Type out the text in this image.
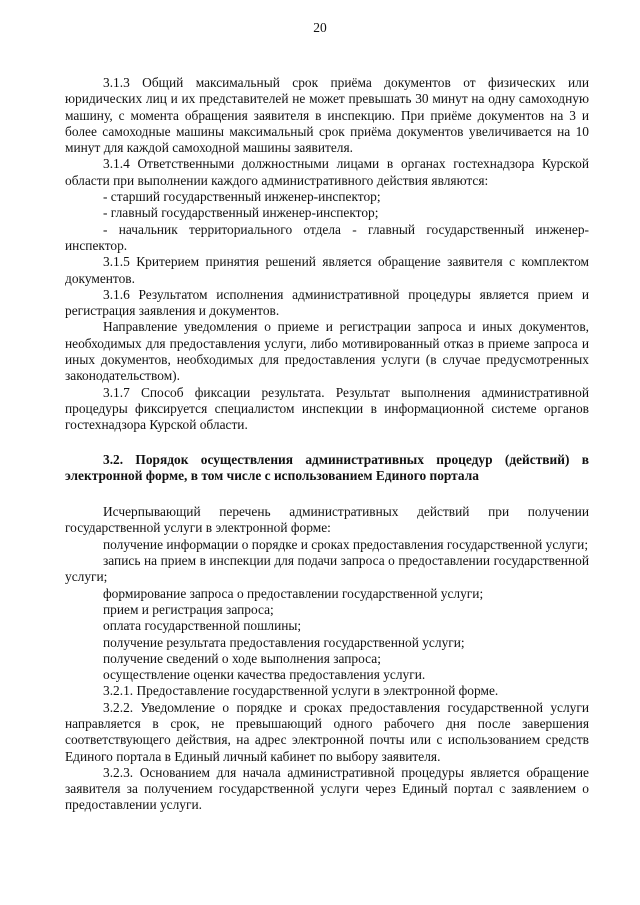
20

3.1.3 Общий максимальный срок приёма документов от физических или юридических лиц и их представителей не может превышать 30 минут на одну самоходную машину, с момента обращения заявителя в инспекцию. При приёме документов на 3 и более самоходные машины максимальный срок приёма документов увеличивается на 10 минут для каждой самоходной машины заявителя.

3.1.4 Ответственными должностными лицами в органах гостехнадзора Курской области при выполнении каждого административного действия являются:

- старший государственный инженер-инспектор;

- главный государственный инженер-инспектор;

- начальник территориального отдела - главный государственный инженер-инспектор.

3.1.5 Критерием принятия решений является обращение заявителя с комплектом документов.

3.1.6 Результатом исполнения административной процедуры является прием и регистрация заявления и документов.

Направление уведомления о приеме и регистрации запроса и иных документов, необходимых для предоставления услуги, либо мотивированный отказ в приеме запроса и иных документов, необходимых для предоставления услуги (в случае предусмотренных законодательством).

3.1.7 Способ фиксации результата. Результат выполнения административной процедуры фиксируется специалистом инспекции в информационной системе органов гостехнадзора Курской области.

3.2. Порядок осуществления административных процедур (действий) в электронной форме, в том числе с использованием Единого портала

Исчерпывающий перечень административных действий при получении государственной услуги в электронной форме:

получение информации о порядке и сроках предоставления государственной услуги;

запись на прием в инспекции для подачи запроса о предоставлении государственной услуги;

формирование запроса о предоставлении государственной услуги;

прием и регистрация запроса;

оплата государственной пошлины;

получение результата предоставления государственной услуги;

получение сведений о ходе выполнения запроса;

осуществление оценки качества предоставления услуги.

3.2.1. Предоставление государственной услуги в электронной форме.

3.2.2. Уведомление о порядке и сроках предоставления государственной услуги направляется в срок, не превышающий одного рабочего дня после завершения соответствующего действия, на адрес электронной почты или с использованием средств Единого портала в Единый личный кабинет по выбору заявителя.

3.2.3. Основанием для начала административной процедуры является обращение заявителя за получением государственной услуги через Единый портал с заявлением о предоставлении услуги.
